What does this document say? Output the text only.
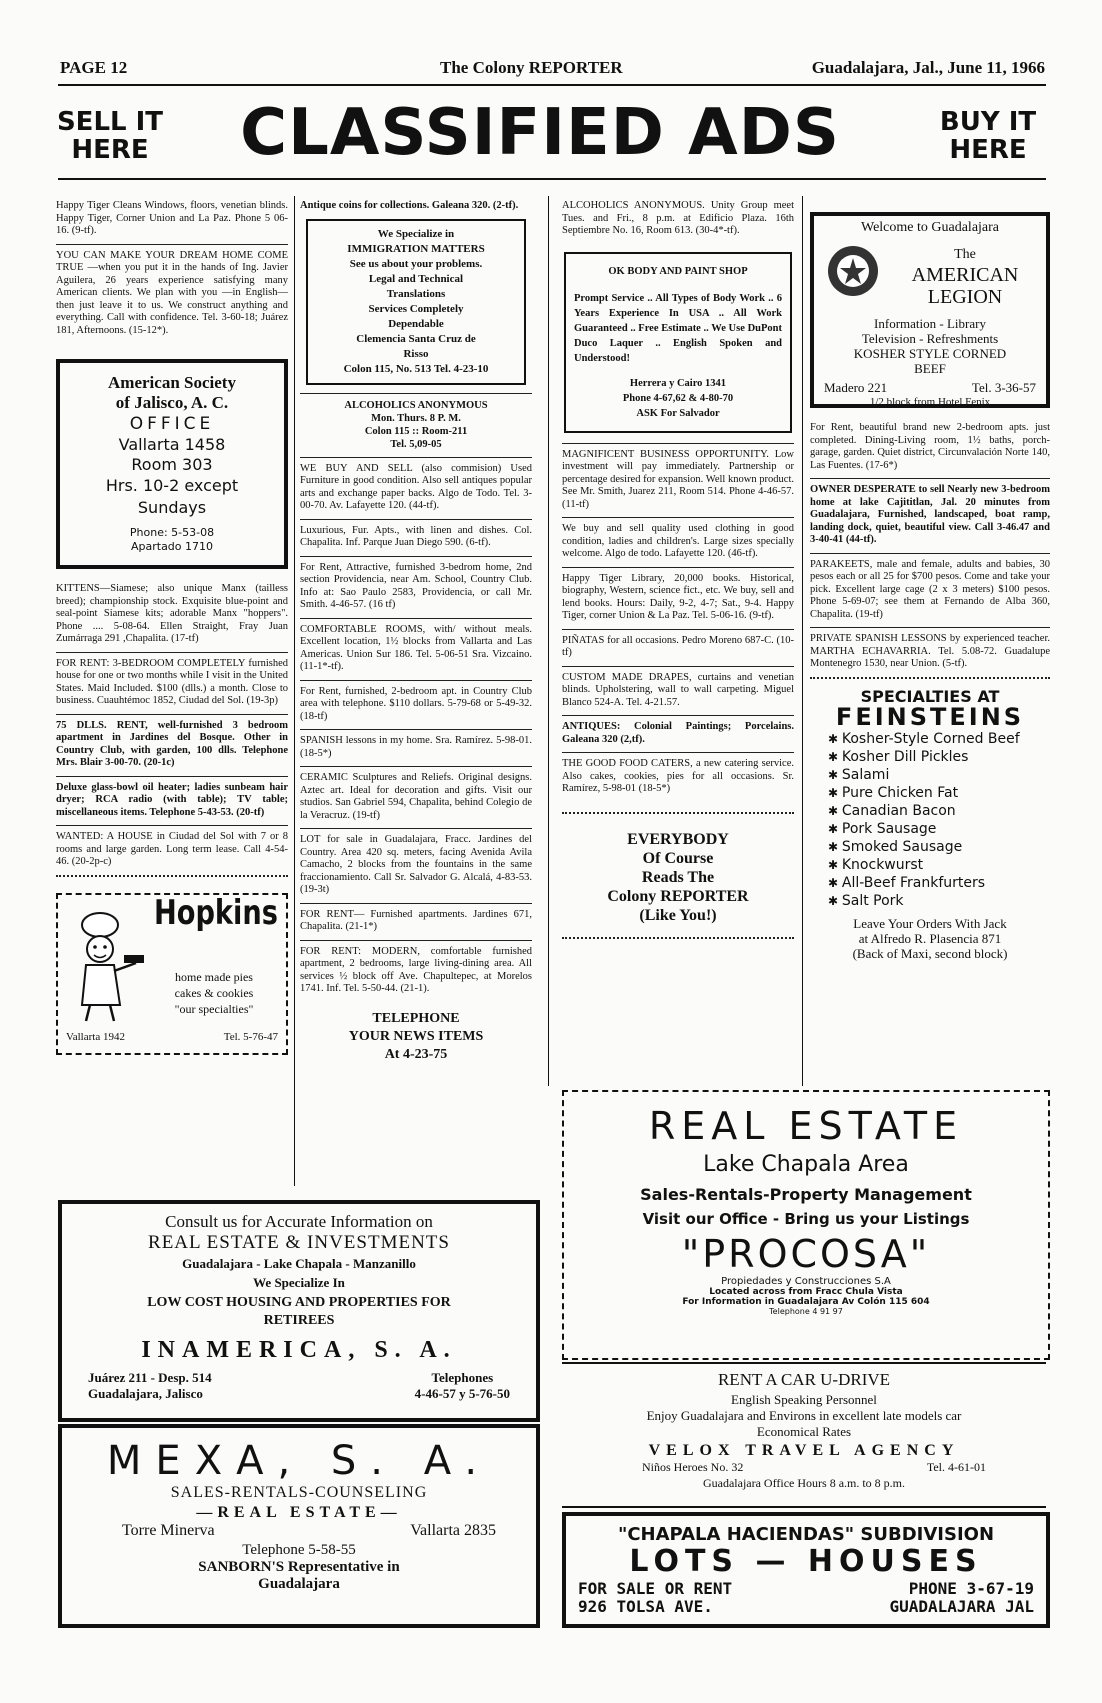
PAGE 12	The Colony REPORTER	Guadalajara, Jal., June 11, 1966
SELL IT
HERE	CLASSIFIED ADS	BUY IT
HERE
Happy Tiger Cleans Windows, floors, venetian blinds. Happy Tiger, Corner Union and La Paz. Phone 5 06-16. (9-tf).
YOU CAN MAKE YOUR DREAM HOME COME TRUE —when you put it in the hands of Ing. Javier Aguilera, 26 years experience satisfying many American clients. We plan with you —in English— then just leave it to us. We construct anything and everything. Call with confidence. Tel. 3-60-18; Juárez 181, Afternoons. (15-12*).
American Society
of Jalisco, A. C.
OFFICE
Vallarta 1458
Room 303
Hrs. 10-2 except
Sundays
Phone: 5-53-08
Apartado 1710
KITTENS—Siamese; also unique Manx (tailless breed); championship stock. Exquisite blue-point and seal-point Siamese kits; adorable Manx "hoppers". Phone .... 5-08-64. Ellen Straight, Fray Juan Zumárraga 291 ,Chapalita. (17-tf)
FOR RENT: 3-BEDROOM COMPLETELY furnished house for one or two months while I visit in the United States. Maid Included. $100 (dlls.) a month. Close to business. Cuauhtémoc 1852, Ciudad del Sol. (19-3p)
75 DLLS. RENT, well-furnished 3 bedroom apartment in Jardines del Bosque. Other in Country Club, with garden, 100 dlls. Telephone Mrs. Blair 3-00-70. (20-1c)
Deluxe glass-bowl oil heater; ladies sunbeam hair dryer; RCA radio (with table); TV table; miscellaneous items. Telephone 5-43-53. (20-tf)
WANTED: A HOUSE in Ciudad del Sol with 7 or 8 rooms and large garden. Long term lease. Call 4-54-46. (20-2p-c)
Hopkins
home made pies
cakes & cookies
"our specialties"
Vallarta 1942	Tel. 5-76-47
Antique coins for collections. Galeana 320. (2-tf).
We Specialize in
IMMIGRATION MATTERS
See us about your problems.
Legal and Technical
Translations
Services Completely
Dependable
Clemencia Santa Cruz de
Risso
Colon 115, No. 513 Tel. 4-23-10
ALCOHOLICS ANONYMOUS
Mon. Thurs. 8 P. M.
Colon 115 :: Room-211
Tel. 5,09-05
WE BUY AND SELL (also commision) Used Furniture in good condition. Also sell antiques popular arts and exchange paper backs. Algo de Todo. Tel. 3-00-70. Av. Lafayette 120. (44-tf).
Luxurious, Fur. Apts., with linen and dishes. Col. Chapalita. Inf. Parque Juan Diego 590. (6-tf).
For Rent, Attractive, furnished 3-bedrom home, 2nd section Providencia, near Am. School, Country Club. Info at: Sao Paulo 2583, Providencia, or call Mr. Smith. 4-46-57. (16 tf)
COMFORTABLE ROOMS, with/ without meals. Excellent location, 1½ blocks from Vallarta and Las Americas. Union Sur 186. Tel. 5-06-51 Sra. Vizcaino. (11-1*-tf).
For Rent, furnished, 2-bedroom apt. in Country Club area with telephone. $110 dollars. 5-79-68 or 5-49-32. (18-tf)
SPANISH lessons in my home. Sra. Ramírez. 5-98-01. (18-5*)
CERAMIC Sculptures and Reliefs. Original designs. Aztec art. Ideal for decoration and gifts. Visit our studios. San Gabriel 594, Chapalita, behind Colegio de la Veracruz. (19-tf)
LOT for sale in Guadalajara, Fracc. Jardines del Country. Area 420 sq. meters, facing Avenida Avila Camacho, 2 blocks from the fountains in the same fraccionamiento. Call Sr. Salvador G. Alcalá, 4-83-53. (19-3t)
FOR RENT— Furnished apartments. Jardines 671, Chapalita. (21-1*)
FOR RENT: MODERN, comfortable furnished apartment, 2 bedrooms, large living-dining area. All services ½ block off Ave. Chapultepec, at Morelos 1741. Inf. Tel. 5-50-44. (21-1).
TELEPHONE
YOUR NEWS ITEMS
At 4-23-75
ALCOHOLICS ANONYMOUS. Unity Group meet Tues. and Fri., 8 p.m. at Edificio Plaza. 16th Septiembre No. 16, Room 613. (30-4*-tf).
OK BODY AND PAINT SHOP
Prompt Service .. All Types of Body Work .. 6 Years Experience In USA .. All Work Guaranteed .. Free Estimate .. We Use DuPont Duco Laquer .. English Spoken and Understood!
Herrera y Cairo 1341
Phone 4-67,62 & 4-80-70
ASK For Salvador
MAGNIFICENT BUSINESS OPPORTUNITY. Low investment will pay immediately. Partnership or percentage desired for expansion. Well known product. See Mr. Smith, Juarez 211, Room 514. Phone 4-46-57. (11-tf)
We buy and sell quality used clothing in good condition, ladies and children's. Large sizes specially welcome. Algo de todo. Lafayette 120. (46-tf).
Happy Tiger Library, 20,000 books. Historical, biography, Western, science fict., etc. We buy, sell and lend books. Hours: Daily, 9-2, 4-7; Sat., 9-4. Happy Tiger, corner Union & La Paz. Tel. 5-06-16. (9-tf).
PIÑATAS for all occasions. Pedro Moreno 687-C. (10-tf)
CUSTOM MADE DRAPES, curtains and venetian blinds. Upholstering, wall to wall carpeting. Miguel Blanco 524-A. Tel. 4-21.57.
ANTIQUES: Colonial Paintings; Porcelains. Galeana 320 (2,tf).
THE GOOD FOOD CATERS, a new catering service. Also cakes, cookies, pies for all occasions. Sr. Ramírez, 5-98-01 (18-5*)
EVERYBODY
Of Course
Reads The
Colony REPORTER
(Like You!)
Welcome to Guadalajara
The
AMERICAN
LEGION
Information - Library
Television - Refreshments
KOSHER STYLE CORNED
BEEF
Madero 221	Tel. 3-36-57
1/2 block from Hotel Fenix
For Rent, beautiful brand new 2-bedroom apts. just completed. Dining-Living room, 1½ baths, porch-garage, garden. Quiet district, Circunvalación Norte 140, Las Fuentes. (17-6*)
OWNER DESPERATE to sell Nearly new 3-bedroom home at lake Cajititlan, Jal. 20 minutes from Guadalajara, Furnished, landscaped, boat ramp, landing dock, quiet, beautiful view. Call 3-46.47 and 3-40-41 (44-tf).
PARAKEETS, male and female, adults and babies, 30 pesos each or all 25 for $700 pesos. Come and take your pick. Excellent large cage (2 x 3 meters) $100 pesos. Phone 5-69-07; see them at Fernando de Alba 360, Chapalita. (19-tf)
PRIVATE SPANISH LESSONS by experienced teacher. MARTHA ECHAVARRIA. Tel. 5.08-72. Guadalupe Montenegro 1530, near Union. (5-tf).
SPECIALTIES AT
FEINSTEINS
✱ Kosher-Style Corned Beef
✱ Kosher Dill Pickles
✱ Salami
✱ Pure Chicken Fat
✱ Canadian Bacon
✱ Pork Sausage
✱ Smoked Sausage
✱ Knockwurst
✱ All-Beef Frankfurters
✱ Salt Pork
Leave Your Orders With Jack
at Alfredo R. Plasencia 871
(Back of Maxi, second block)
REAL ESTATE
Lake Chapala Area
Sales-Rentals-Property Management
Visit our Office - Bring us your Listings
"PROCOSA"
Propiedades y Construcciones S.A
Located across from Fracc Chula Vista
For Information in Guadalajara Av Colón 115 604
Telephone 4 91 97
RENT A CAR U-DRIVE
English Speaking Personnel
Enjoy Guadalajara and Environs in excellent late models car
Economical Rates
VELOX TRAVEL AGENCY
Niños Heroes No. 32	Tel. 4-61-01
Guadalajara Office Hours 8 a.m. to 8 p.m.
"CHAPALA HACIENDAS" SUBDIVISION
LOTS — HOUSES
FOR SALE OR RENT	PHONE 3-67-19
926 TOLSA AVE.	GUADALAJARA JAL
Consult us for Accurate Information on
REAL ESTATE & INVESTMENTS
Guadalajara - Lake Chapala - Manzanillo
We Specialize In
LOW COST HOUSING AND PROPERTIES FOR
RETIREES
INAMERICA, S. A.
Juárez 211 - Desp. 514
Guadalajara, Jalisco
Telephones
4-46-57 y 5-76-50
MEXA, S. A.
SALES-RENTALS-COUNSELING
—REAL ESTATE—
Torre Minerva	Vallarta 2835
Telephone 5-58-55
SANBORN'S Representative in
Guadalajara
